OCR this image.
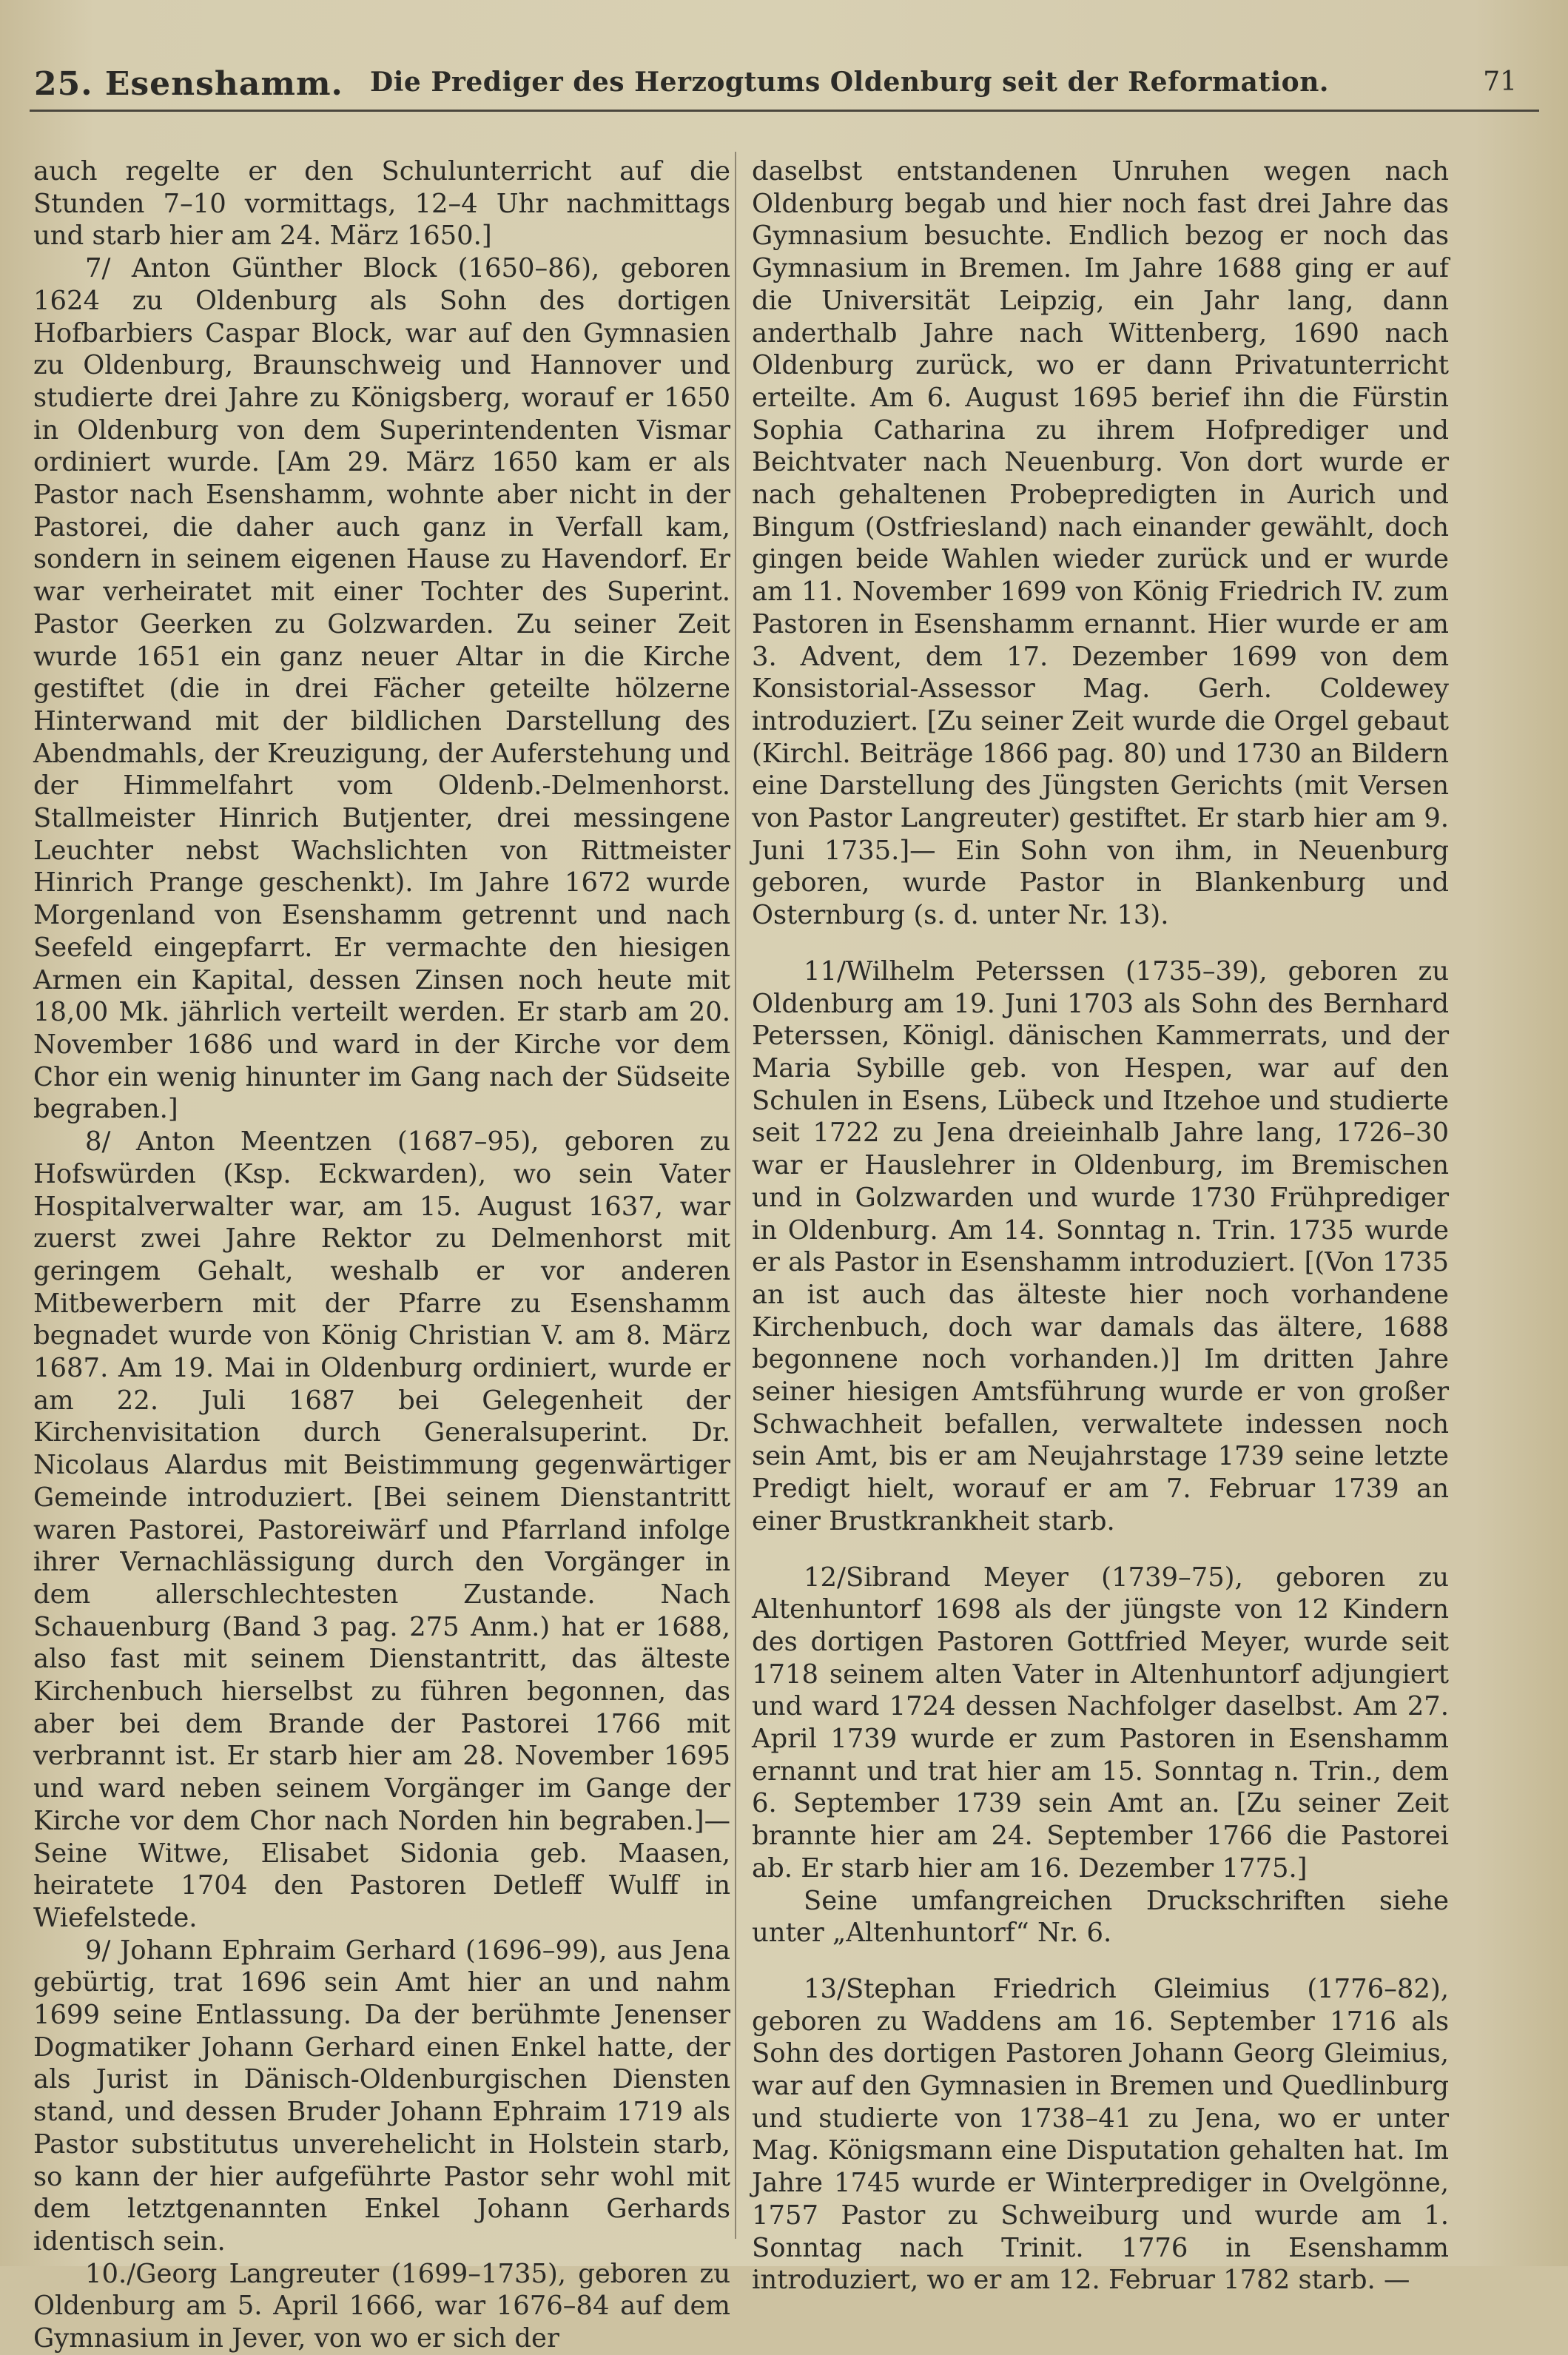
25. Esenshamm. Die Prediger des Herzogtums Oldenburg seit der Reformation.	71

auch regelte er den Schulunterricht auf die Stunden 7–10 vormittags, 12–4 Uhr nachmittags und starb hier am 24. März 1650.]

7/ Anton Günther Block (1650–86), geboren 1624 zu Oldenburg als Sohn des dortigen Hofbarbiers Caspar Block, war auf den Gymnasien zu Oldenburg, Braunschweig und Hannover und studierte drei Jahre zu Königsberg, worauf er 1650 in Oldenburg von dem Superintendenten Vismar ordiniert wurde. [Am 29. März 1650 kam er als Pastor nach Esenshamm, wohnte aber nicht in der Pastorei, die daher auch ganz in Verfall kam, sondern in seinem eigenen Hause zu Havendorf. Er war verheiratet mit einer Tochter des Superint. Pastor Geerken zu Golzwarden. Zu seiner Zeit wurde 1651 ein ganz neuer Altar in die Kirche gestiftet (die in drei Fächer geteilte hölzerne Hinterwand mit der bildlichen Darstellung des Abendmahls, der Kreuzigung, der Auferstehung und der Himmelfahrt vom Oldenb.-Delmenhorst. Stallmeister Hinrich Butjenter, drei messingene Leuchter nebst Wachslichten von Rittmeister Hinrich Prange geschenkt). Im Jahre 1672 wurde Morgenland von Esenshamm getrennt und nach Seefeld eingepfarrt. Er vermachte den hiesigen Armen ein Kapital, dessen Zinsen noch heute mit 18,00 Mk. jährlich verteilt werden. Er starb am 20. November 1686 und ward in der Kirche vor dem Chor ein wenig hinunter im Gang nach der Südseite begraben.]

8/ Anton Meentzen (1687–95), geboren zu Hofswürden (Ksp. Eckwarden), wo sein Vater Hospitalverwalter war, am 15. August 1637, war zuerst zwei Jahre Rektor zu Delmenhorst mit geringem Gehalt, weshalb er vor anderen Mitbewerbern mit der Pfarre zu Esenshamm begnadet wurde von König Christian V. am 8. März 1687. Am 19. Mai in Oldenburg ordiniert, wurde er am 22. Juli 1687 bei Gelegenheit der Kirchenvisitation durch Generalsuperint. Dr. Nicolaus Alardus mit Beistimmung gegenwärtiger Gemeinde introduziert. [Bei seinem Dienstantritt waren Pastorei, Pastoreiwärf und Pfarrland infolge ihrer Vernachlässigung durch den Vorgänger in dem allerschlechtesten Zustande. Nach Schauenburg (Band 3 pag. 275 Anm.) hat er 1688, also fast mit seinem Dienstantritt, das älteste Kirchenbuch hierselbst zu führen begonnen, das aber bei dem Brande der Pastorei 1766 mit verbrannt ist. Er starb hier am 28. November 1695 und ward neben seinem Vorgänger im Gange der Kirche vor dem Chor nach Norden hin begraben.]— Seine Witwe, Elisabet Sidonia geb. Maasen, heiratete 1704 den Pastoren Detleff Wulff in Wiefelstede.

9/ Johann Ephraim Gerhard (1696–99), aus Jena gebürtig, trat 1696 sein Amt hier an und nahm 1699 seine Entlassung. Da der berühmte Jenenser Dogmatiker Johann Gerhard einen Enkel hatte, der als Jurist in Dänisch-Oldenburgischen Diensten stand, und dessen Bruder Johann Ephraim 1719 als Pastor substitutus unverehelicht in Holstein starb, so kann der hier aufgeführte Pastor sehr wohl mit dem letztgenannten Enkel Johann Gerhards identisch sein.

10./Georg Langreuter (1699–1735), geboren zu Oldenburg am 5. April 1666, war 1676–84 auf dem Gymnasium in Jever, von wo er sich der

daselbst entstandenen Unruhen wegen nach Oldenburg begab und hier noch fast drei Jahre das Gymnasium besuchte. Endlich bezog er noch das Gymnasium in Bremen. Im Jahre 1688 ging er auf die Universität Leipzig, ein Jahr lang, dann anderthalb Jahre nach Wittenberg, 1690 nach Oldenburg zurück, wo er dann Privatunterricht erteilte. Am 6. August 1695 berief ihn die Fürstin Sophia Catharina zu ihrem Hofprediger und Beichtvater nach Neuenburg. Von dort wurde er nach gehaltenen Probepredigten in Aurich und Bingum (Ostfriesland) nach einander gewählt, doch gingen beide Wahlen wieder zurück und er wurde am 11. November 1699 von König Friedrich IV. zum Pastoren in Esenshamm ernannt. Hier wurde er am 3. Advent, dem 17. Dezember 1699 von dem Konsistorial-Assessor Mag. Gerh. Coldewey introduziert. [Zu seiner Zeit wurde die Orgel gebaut (Kirchl. Beiträge 1866 pag. 80) und 1730 an Bildern eine Darstellung des Jüngsten Gerichts (mit Versen von Pastor Langreuter) gestiftet. Er starb hier am 9. Juni 1735.]— Ein Sohn von ihm, in Neuenburg geboren, wurde Pastor in Blankenburg und Osternburg (s. d. unter Nr. 13).

11/Wilhelm Peterssen (1735–39), geboren zu Oldenburg am 19. Juni 1703 als Sohn des Bernhard Peterssen, Königl. dänischen Kammerrats, und der Maria Sybille geb. von Hespen, war auf den Schulen in Esens, Lübeck und Itzehoe und studierte seit 1722 zu Jena dreieinhalb Jahre lang, 1726–30 war er Hauslehrer in Oldenburg, im Bremischen und in Golzwarden und wurde 1730 Frühprediger in Oldenburg. Am 14. Sonntag n. Trin. 1735 wurde er als Pastor in Esenshamm introduziert. [(Von 1735 an ist auch das älteste hier noch vorhandene Kirchenbuch, doch war damals das ältere, 1688 begonnene noch vorhanden.)] Im dritten Jahre seiner hiesigen Amtsführung wurde er von großer Schwachheit befallen, verwaltete indessen noch sein Amt, bis er am Neujahrstage 1739 seine letzte Predigt hielt, worauf er am 7. Februar 1739 an einer Brustkrankheit starb.

12/Sibrand Meyer (1739–75), geboren zu Altenhuntorf 1698 als der jüngste von 12 Kindern des dortigen Pastoren Gottfried Meyer, wurde seit 1718 seinem alten Vater in Altenhuntorf adjungiert und ward 1724 dessen Nachfolger daselbst. Am 27. April 1739 wurde er zum Pastoren in Esenshamm ernannt und trat hier am 15. Sonntag n. Trin., dem 6. September 1739 sein Amt an. [Zu seiner Zeit brannte hier am 24. September 1766 die Pastorei ab. Er starb hier am 16. Dezember 1775.]

Seine umfangreichen Druckschriften siehe unter „Altenhuntorf“ Nr. 6.

13/Stephan Friedrich Gleimius (1776–82), geboren zu Waddens am 16. September 1716 als Sohn des dortigen Pastoren Johann Georg Gleimius, war auf den Gymnasien in Bremen und Quedlinburg und studierte von 1738–41 zu Jena, wo er unter Mag. Königsmann eine Disputation gehalten hat. Im Jahre 1745 wurde er Winterprediger in Ovelgönne, 1757 Pastor zu Schweiburg und wurde am 1. Sonntag nach Trinit. 1776 in Esenshamm introduziert, wo er am 12. Februar 1782 starb. —
